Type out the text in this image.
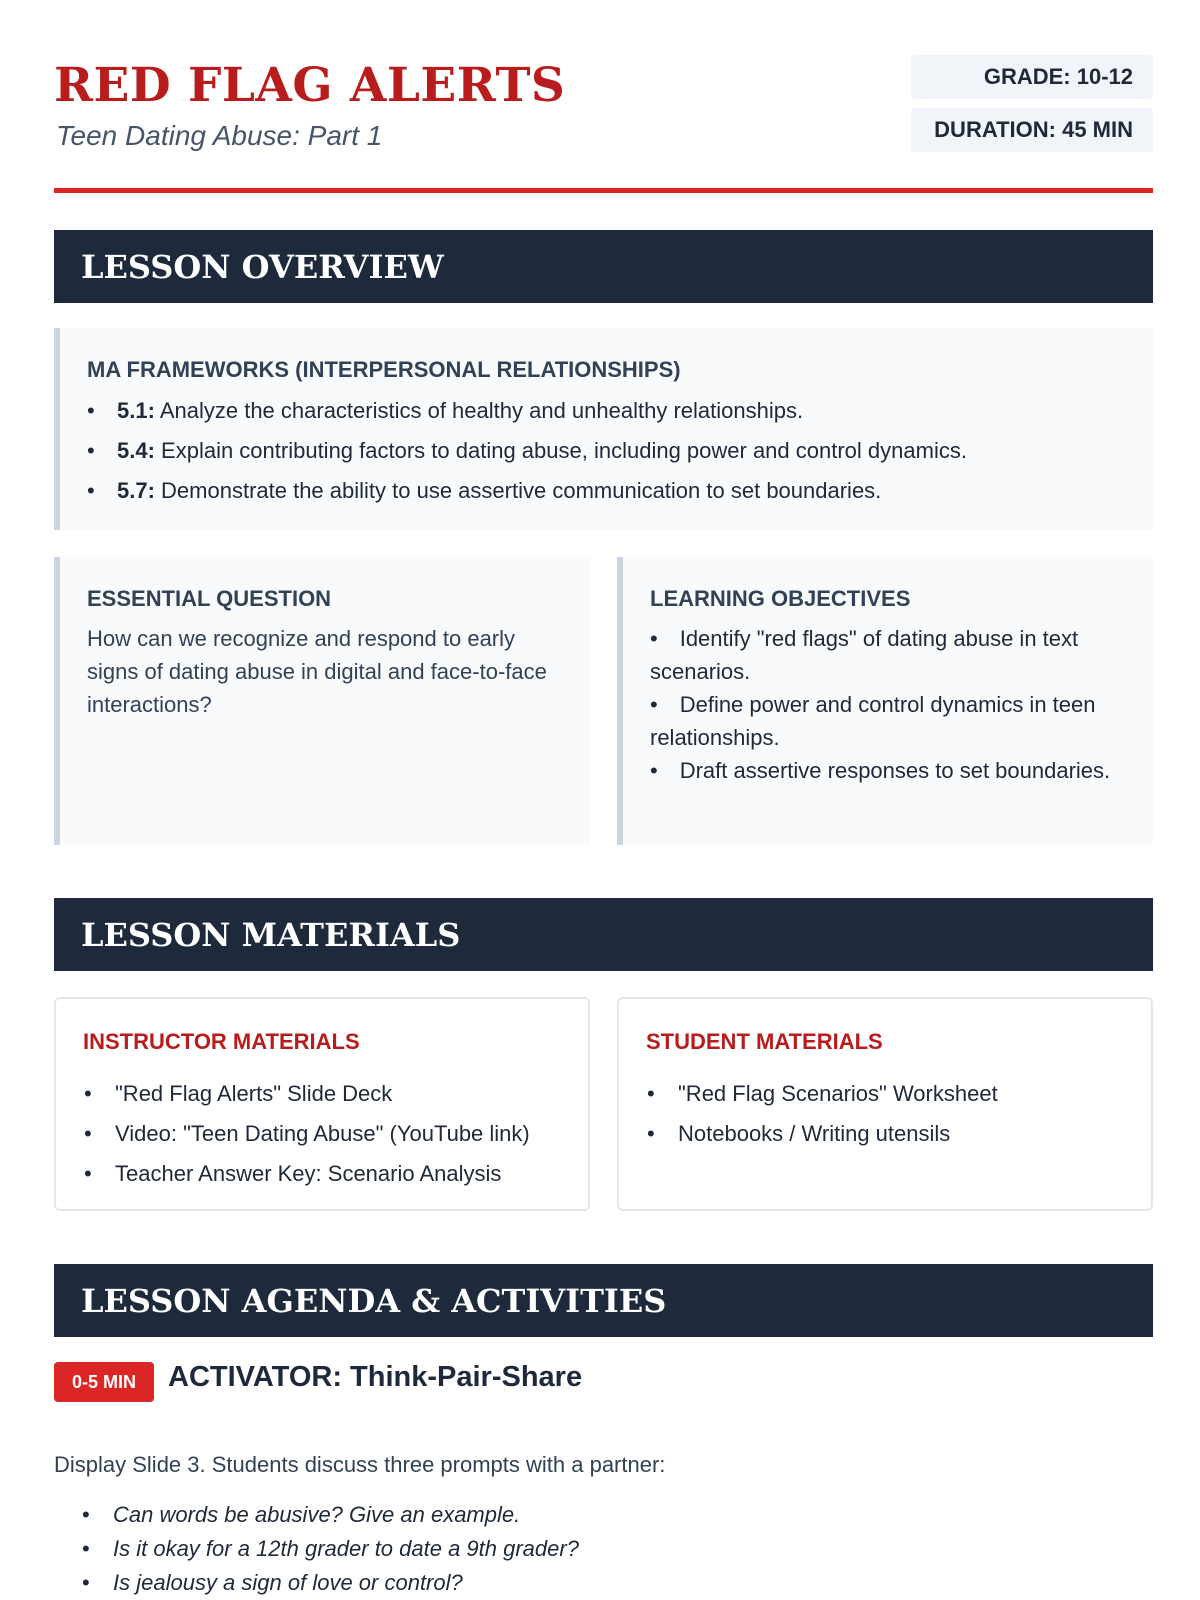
RED FLAG ALERTS
Teen Dating Abuse: Part 1
GRADE: 10-12
DURATION: 45 MIN
LESSON OVERVIEW
MA FRAMEWORKS (INTERPERSONAL RELATIONSHIPS)
• 5.1: Analyze the characteristics of healthy and unhealthy relationships.
• 5.4: Explain contributing factors to dating abuse, including power and control dynamics.
• 5.7: Demonstrate the ability to use assertive communication to set boundaries.
ESSENTIAL QUESTION
How can we recognize and respond to early signs of dating abuse in digital and face-to-face interactions?
LEARNING OBJECTIVES
• Identify "red flags" of dating abuse in text scenarios.
• Define power and control dynamics in teen relationships.
• Draft assertive responses to set boundaries.
LESSON MATERIALS
INSTRUCTOR MATERIALS
• "Red Flag Alerts" Slide Deck
• Video: "Teen Dating Abuse" (YouTube link)
• Teacher Answer Key: Scenario Analysis
STUDENT MATERIALS
• "Red Flag Scenarios" Worksheet
• Notebooks / Writing utensils
LESSON AGENDA & ACTIVITIES
0-5 MIN	ACTIVATOR: Think-Pair-Share
Display Slide 3. Students discuss three prompts with a partner:
• Can words be abusive? Give an example.
• Is it okay for a 12th grader to date a 9th grader?
• Is jealousy a sign of love or control?
